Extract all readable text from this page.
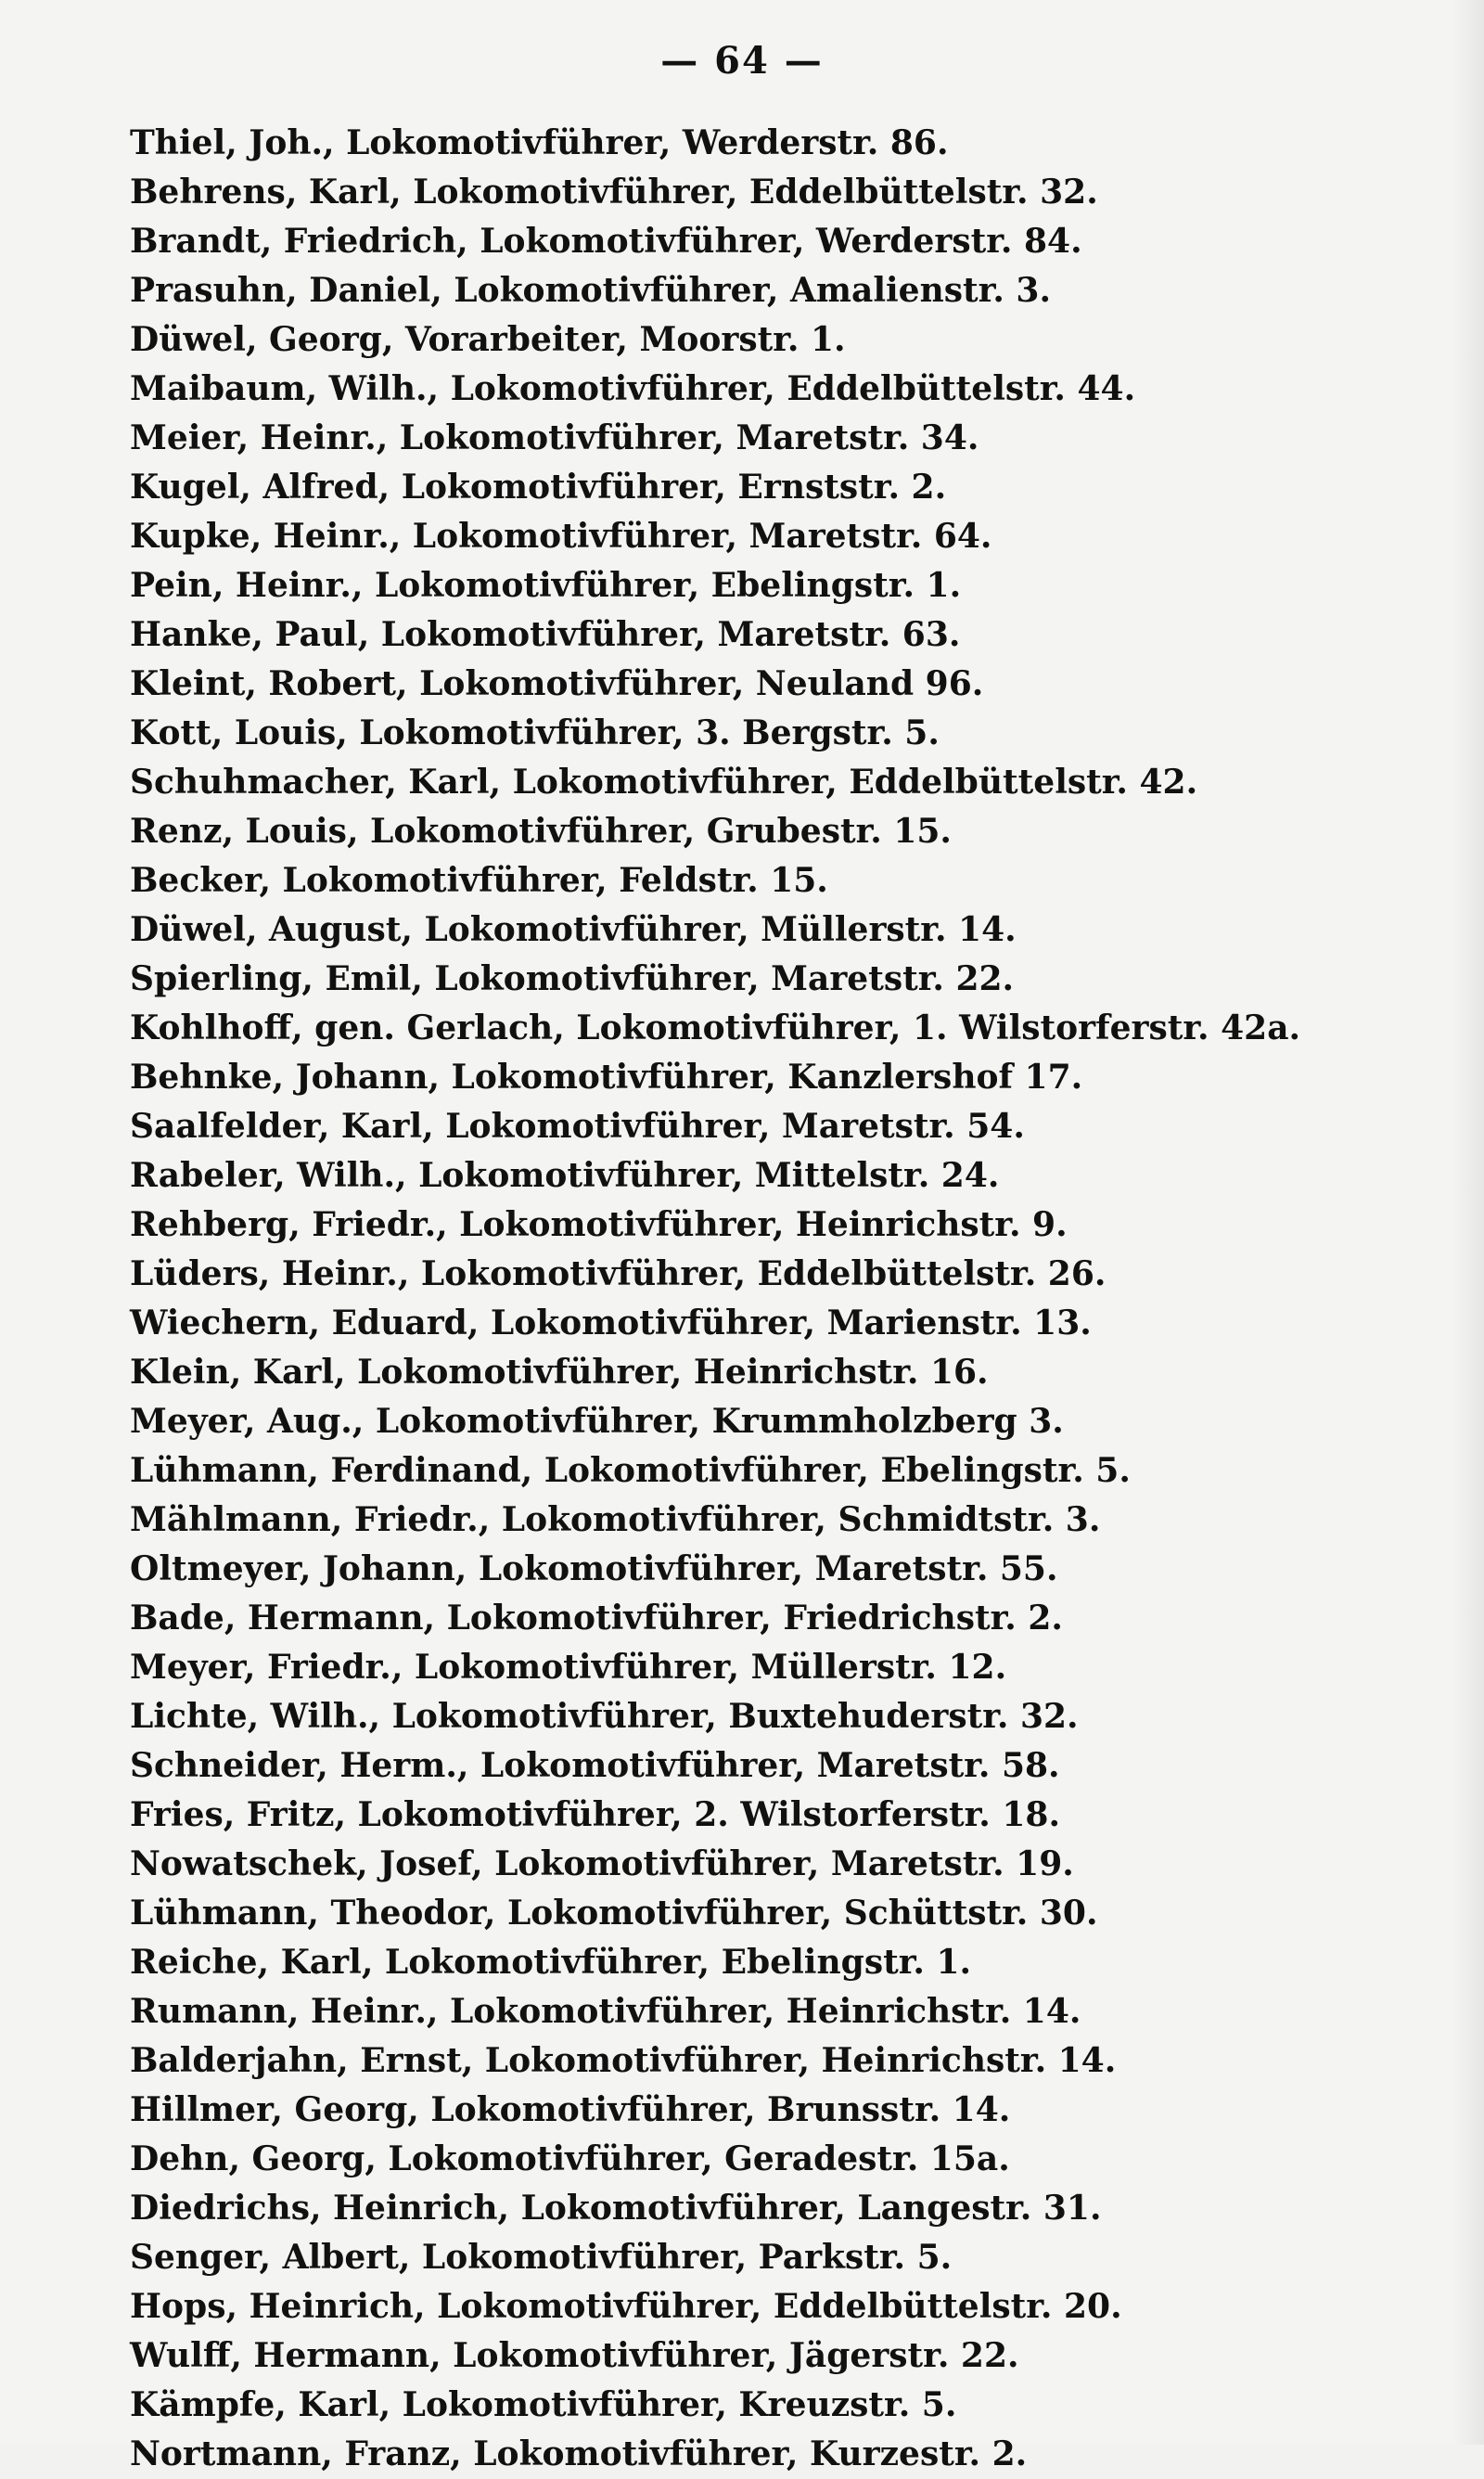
— 64 —
Thiel, Joh., Lokomotivführer, Werderstr. 86.
Behrens, Karl, Lokomotivführer, Eddelbüttelstr. 32.
Brandt, Friedrich, Lokomotivführer, Werderstr. 84.
Prasuhn, Daniel, Lokomotivführer, Amalienstr. 3.
Düwel, Georg, Vorarbeiter, Moorstr. 1.
Maibaum, Wilh., Lokomotivführer, Eddelbüttelstr. 44.
Meier, Heinr., Lokomotivführer, Maretstr. 34.
Kugel, Alfred, Lokomotivführer, Ernststr. 2.
Kupke, Heinr., Lokomotivführer, Maretstr. 64.
Pein, Heinr., Lokomotivführer, Ebelingstr. 1.
Hanke, Paul, Lokomotivführer, Maretstr. 63.
Kleint, Robert, Lokomotivführer, Neuland 96.
Kott, Louis, Lokomotivführer, 3. Bergstr. 5.
Schuhmacher, Karl, Lokomotivführer, Eddelbüttelstr. 42.
Renz, Louis, Lokomotivführer, Grubestr. 15.
Becker, Lokomotivführer, Feldstr. 15.
Düwel, August, Lokomotivführer, Müllerstr. 14.
Spierling, Emil, Lokomotivführer, Maretstr. 22.
Kohlhoff, gen. Gerlach, Lokomotivführer, 1. Wilstorferstr. 42a.
Behnke, Johann, Lokomotivführer, Kanzlershof 17.
Saalfelder, Karl, Lokomotivführer, Maretstr. 54.
Rabeler, Wilh., Lokomotivführer, Mittelstr. 24.
Rehberg, Friedr., Lokomotivführer, Heinrichstr. 9.
Lüders, Heinr., Lokomotivführer, Eddelbüttelstr. 26.
Wiechern, Eduard, Lokomotivführer, Marienstr. 13.
Klein, Karl, Lokomotivführer, Heinrichstr. 16.
Meyer, Aug., Lokomotivführer, Krummholzberg 3.
Lühmann, Ferdinand, Lokomotivführer, Ebelingstr. 5.
Mählmann, Friedr., Lokomotivführer, Schmidtstr. 3.
Oltmeyer, Johann, Lokomotivführer, Maretstr. 55.
Bade, Hermann, Lokomotivführer, Friedrichstr. 2.
Meyer, Friedr., Lokomotivführer, Müllerstr. 12.
Lichte, Wilh., Lokomotivführer, Buxtehuderstr. 32.
Schneider, Herm., Lokomotivführer, Maretstr. 58.
Fries, Fritz, Lokomotivführer, 2. Wilstorferstr. 18.
Nowatschek, Josef, Lokomotivführer, Maretstr. 19.
Lühmann, Theodor, Lokomotivführer, Schüttstr. 30.
Reiche, Karl, Lokomotivführer, Ebelingstr. 1.
Rumann, Heinr., Lokomotivführer, Heinrichstr. 14.
Balderjahn, Ernst, Lokomotivführer, Heinrichstr. 14.
Hillmer, Georg, Lokomotivführer, Brunsstr. 14.
Dehn, Georg, Lokomotivführer, Geradestr. 15a.
Diedrichs, Heinrich, Lokomotivführer, Langestr. 31.
Senger, Albert, Lokomotivführer, Parkstr. 5.
Hops, Heinrich, Lokomotivführer, Eddelbüttelstr. 20.
Wulff, Hermann, Lokomotivführer, Jägerstr. 22.
Kämpfe, Karl, Lokomotivführer, Kreuzstr. 5.
Nortmann, Franz, Lokomotivführer, Kurzestr. 2.
